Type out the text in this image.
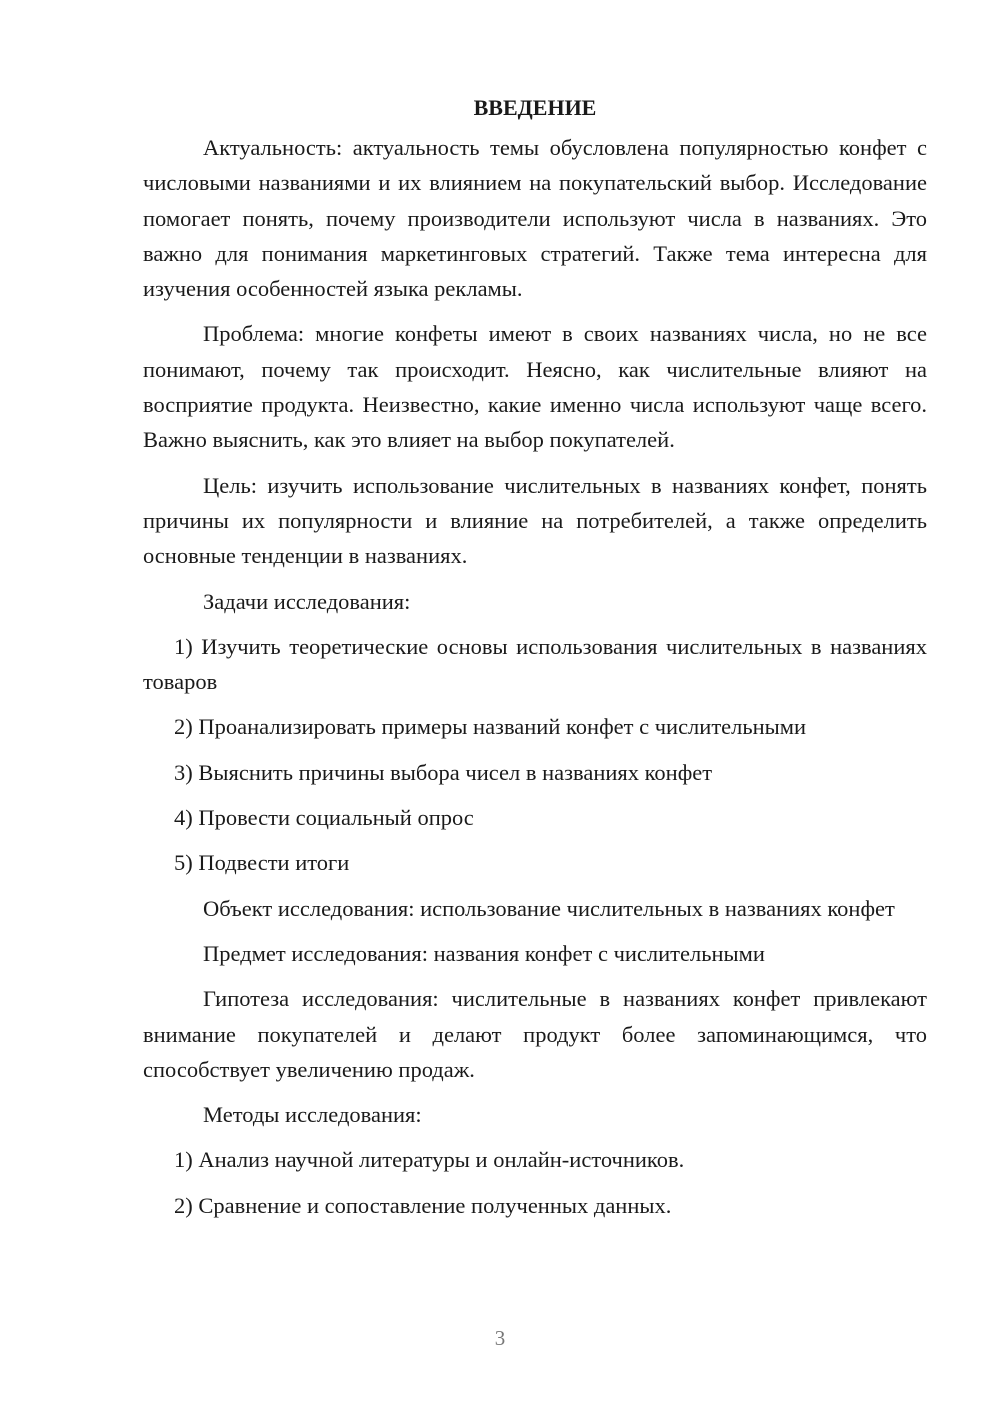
ВВЕДЕНИЕ
Актуальность: актуальность темы обусловлена популярностью конфет с числовыми названиями и их влиянием на покупательский выбор. Исследование помогает понять, почему производители используют числа в названиях. Это важно для понимания маркетинговых стратегий. Также тема интересна для изучения особенностей языка рекламы.
Проблема: многие конфеты имеют в своих названиях числа, но не все понимают, почему так происходит. Неясно, как числительные влияют на восприятие продукта. Неизвестно, какие именно числа используют чаще всего. Важно выяснить, как это влияет на выбор покупателей.
Цель: изучить использование числительных в названиях конфет, понять причины их популярности и влияние на потребителей, а также определить основные тенденции в названиях.
Задачи исследования:
1) Изучить теоретические основы использования числительных в названиях товаров
2) Проанализировать примеры названий конфет с числительными
3) Выяснить причины выбора чисел в названиях конфет
4) Провести социальный опрос
5) Подвести итоги
Объект исследования: использование числительных в названиях конфет
Предмет исследования: названия конфет с числительными
Гипотеза исследования: числительные в названиях конфет привлекают внимание покупателей и делают продукт более запоминающимся, что способствует увеличению продаж.
Методы исследования:
1) Анализ научной литературы и онлайн-источников.
2) Сравнение и сопоставление полученных данных.
3
